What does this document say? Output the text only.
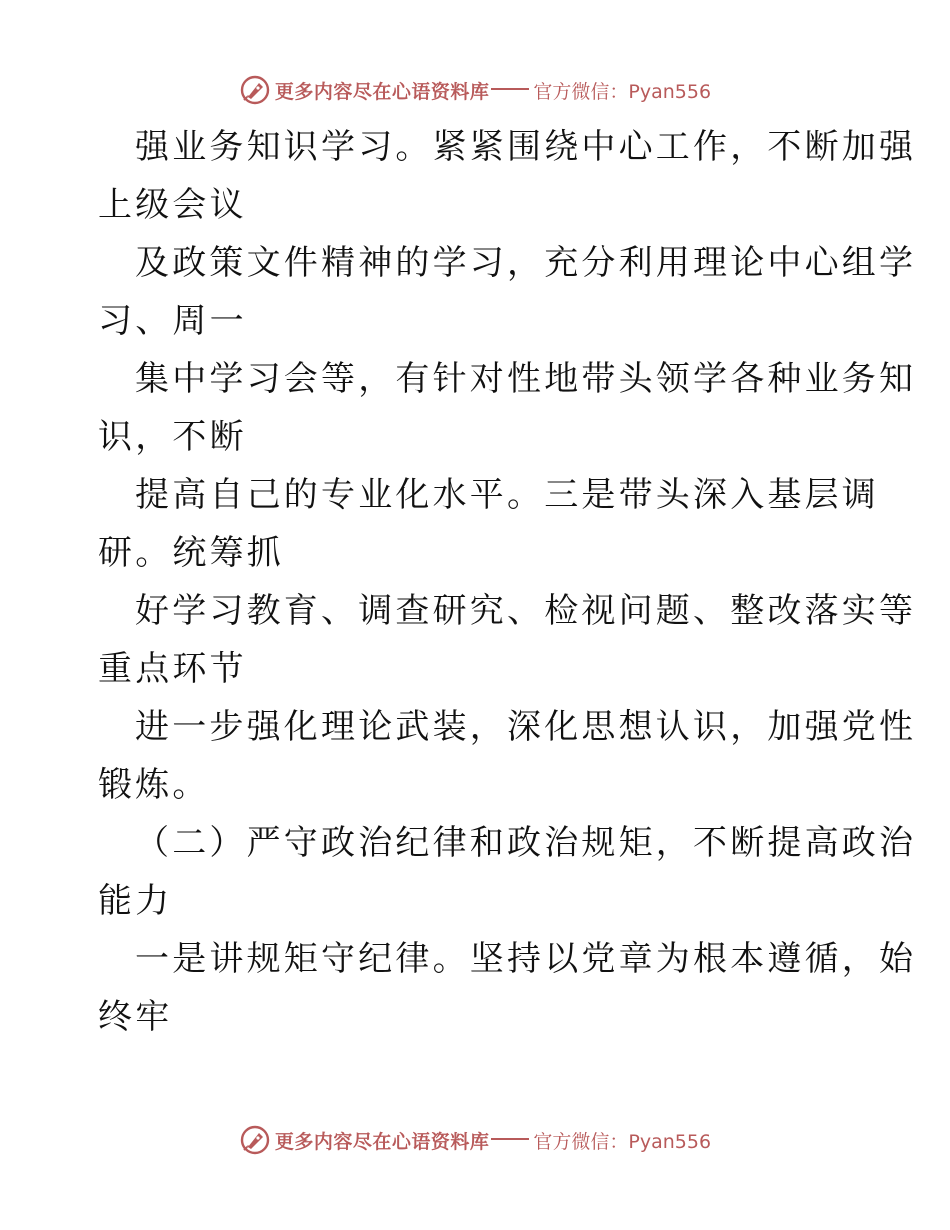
更多内容尽在心语资料库 官方微信：Pyan556
强业务知识学习。紧紧围绕中心工作，不断加强
上级会议
及政策文件精神的学习，充分利用理论中心组学
习、周一
集中学习会等，有针对性地带头领学各种业务知
识，不断
提高自己的专业化水平。三是带头深入基层调
研。统筹抓
好学习教育、调查研究、检视问题、整改落实等
重点环节
进一步强化理论武装，深化思想认识，加强党性
锻炼。
（二）严守政治纪律和政治规矩，不断提高政治
能力
一是讲规矩守纪律。坚持以党章为根本遵循，始
终牢
更多内容尽在心语资料库 官方微信：Pyan556
